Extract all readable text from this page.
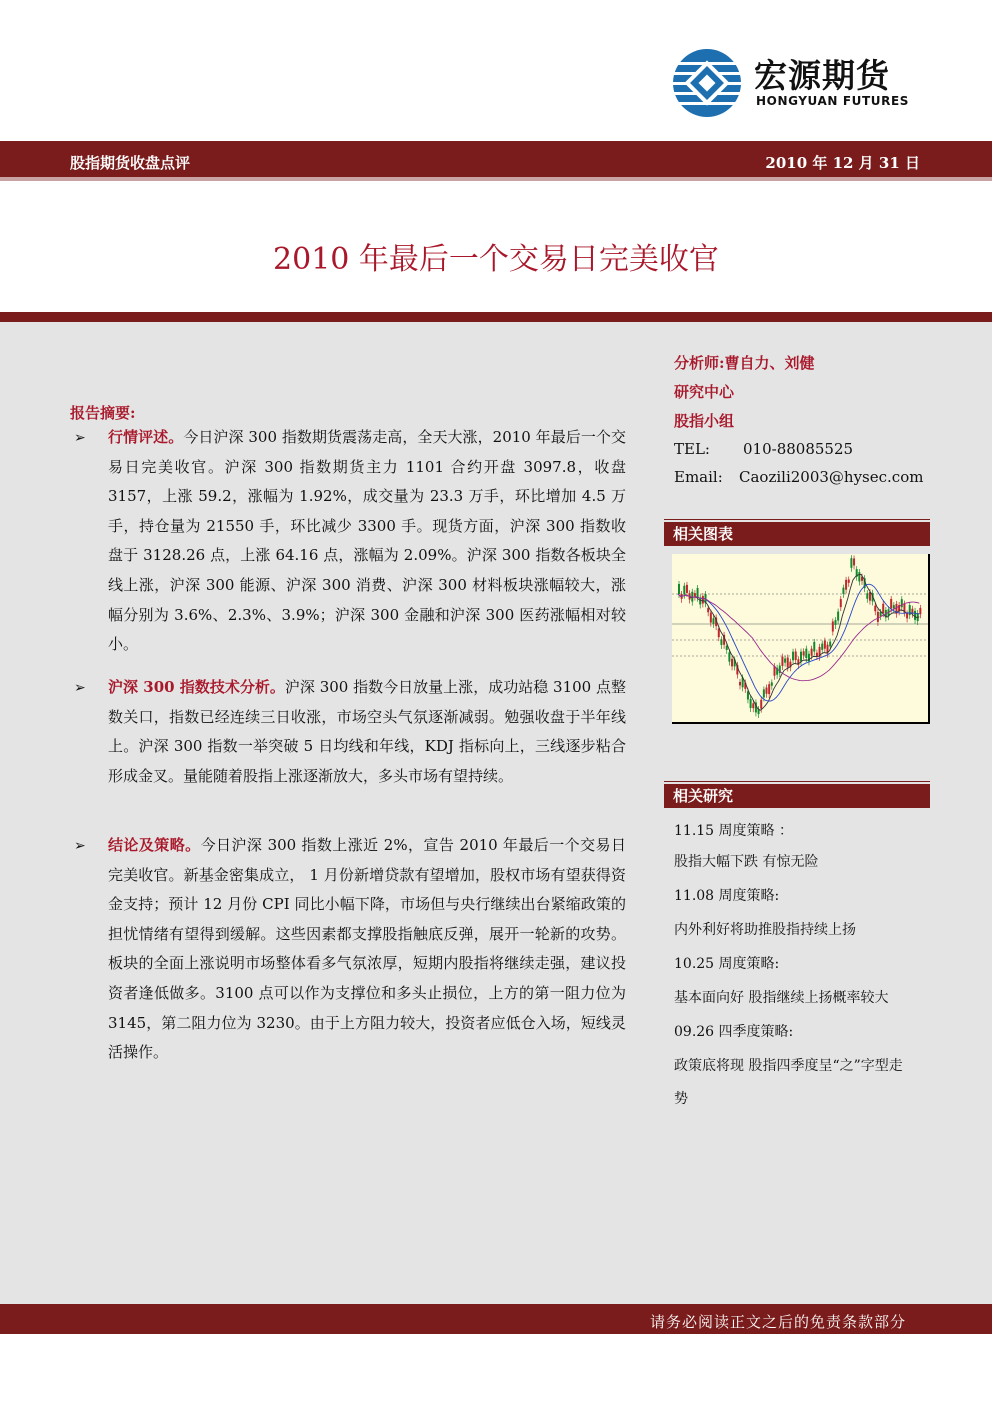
宏源期货
HONGYUAN FUTURES
股指期货收盘点评	2010 年 12 月 31 日
2010 年最后一个交易日完美收官
分析师:曹自力、刘健
研究中心
股指小组
TEL: 010-88085525
Email: Caozili2003@hysec.com
相关图表
相关研究
11.15 周度策略 ：
股指大幅下跌 有惊无险
11.08 周度策略:
内外利好将助推股指持续上扬
10.25 周度策略:
基本面向好 股指继续上扬概率较大
09.26 四季度策略:
政策底将现 股指四季度呈“之”字型走
势
报告摘要:
➢ 行情评述。今日沪深 300 指数期货震荡走高，全天大涨，2010 年最后一个交易日完美收官。沪深 300 指数期货主力 1101 合约开盘 3097.8，收盘 3157，上涨 59.2，涨幅为 1.92%，成交量为 23.3 万手，环比增加 4.5 万手，持仓量为 21550 手，环比减少 3300 手。现货方面，沪深 300 指数收盘于 3128.26 点，上涨 64.16 点，涨幅为 2.09%。沪深 300 指数各板块全线上涨，沪深 300 能源、沪深 300 消费、沪深 300 材料板块涨幅较大，涨幅分别为 3.6%、2.3%、3.9%；沪深 300 金融和沪深 300 医药涨幅相对较小。
➢ 沪深 300 指数技术分析。沪深 300 指数今日放量上涨，成功站稳 3100 点整数关口，指数已经连续三日收涨，市场空头气氛逐渐减弱。勉强收盘于半年线上。沪深 300 指数一举突破 5 日均线和年线，KDJ 指标向上，三线逐步粘合形成金叉。量能随着股指上涨逐渐放大，多头市场有望持续。
➢ 结论及策略。今日沪深 300 指数上涨近 2%，宣告 2010 年最后一个交易日完美收官。新基金密集成立， 1 月份新增贷款有望增加，股权市场有望获得资金支持；预计 12 月份 CPI 同比小幅下降，市场但与央行继续出台紧缩政策的担忧情绪有望得到缓解。这些因素都支撑股指触底反弹，展开一轮新的攻势。板块的全面上涨说明市场整体看多气氛浓厚，短期内股指将继续走强，建议投资者逢低做多。3100 点可以作为支撑位和多头止损位，上方的第一阻力位为 3145，第二阻力位为 3230。由于上方阻力较大，投资者应低仓入场，短线灵活操作。
请务必阅读正文之后的免责条款部分
